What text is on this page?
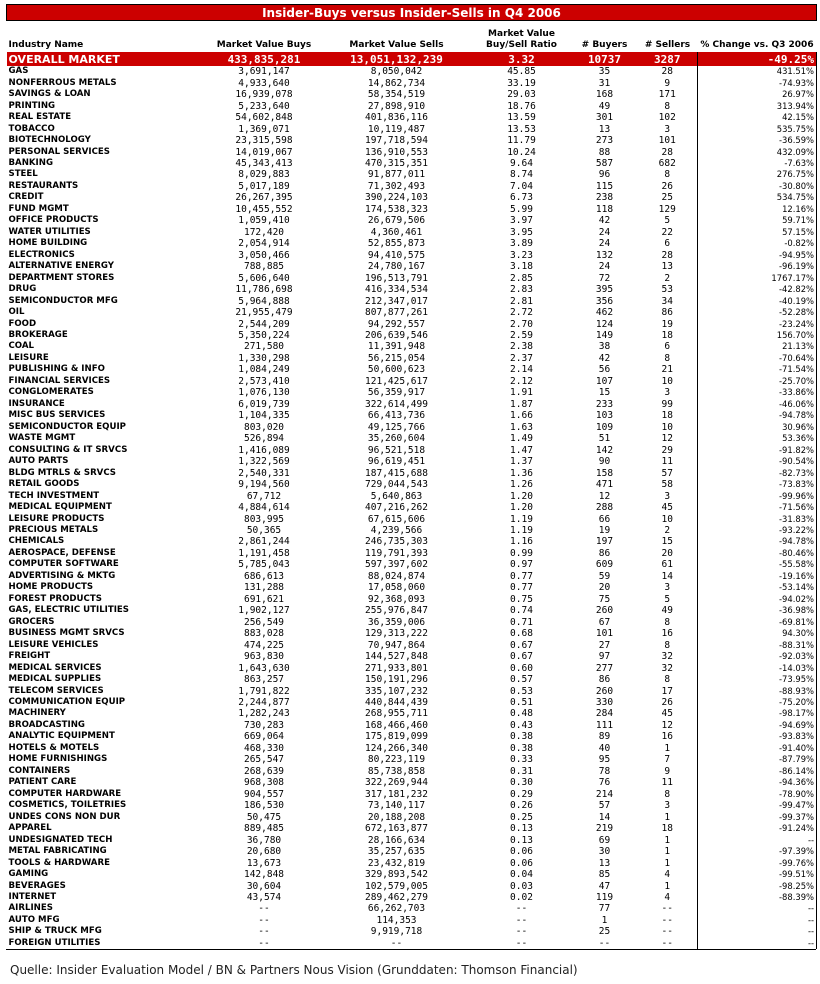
Insider-Buys versus Insider-Sells in Q4 2006						
Industry Name	Market Value Buys	Market Value Sells	Market Value Buy/Sell Ratio	# Buyers	# Sellers	% Change vs. Q3 2006
OVERALL MARKET	433,835,281	13,051,132,239	3.32	10737	3287	-49.25%
GAS	3,691,147	8,050,042	45.85	35	28	431.51%
NONFERROUS METALS	4,933,640	14,862,734	33.19	31	9	-74.93%
SAVINGS & LOAN	16,939,078	58,354,519	29.03	168	171	26.97%
PRINTING	5,233,640	27,898,910	18.76	49	8	313.94%
REAL ESTATE	54,602,848	401,836,116	13.59	301	102	42.15%
TOBACCO	1,369,071	10,119,487	13.53	13	3	535.75%
BIOTECHNOLOGY	23,315,598	197,718,594	11.79	273	101	-36.59%
PERSONAL SERVICES	14,019,067	136,910,553	10.24	88	28	432.09%
BANKING	45,343,413	470,315,351	9.64	587	682	-7.63%
STEEL	8,029,883	91,877,011	8.74	96	8	276.75%
RESTAURANTS	5,017,189	71,302,493	7.04	115	26	-30.80%
CREDIT	26,267,395	390,224,103	6.73	238	25	534.75%
FUND MGMT	10,455,552	174,538,323	5.99	118	129	12.16%
OFFICE PRODUCTS	1,059,410	26,679,506	3.97	42	5	59.71%
WATER UTILITIES	172,420	4,360,461	3.95	24	22	57.15%
HOME BUILDING	2,054,914	52,855,873	3.89	24	6	-0.82%
ELECTRONICS	3,050,466	94,410,575	3.23	132	28	-94.95%
ALTERNATIVE ENERGY	788,885	24,780,167	3.18	24	13	-96.19%
DEPARTMENT STORES	5,606,640	196,513,791	2.85	72	2	1767.17%
DRUG	11,786,698	416,334,534	2.83	395	53	-42.82%
SEMICONDUCTOR MFG	5,964,888	212,347,017	2.81	356	34	-40.19%
OIL	21,955,479	807,877,261	2.72	462	86	-52.28%
FOOD	2,544,209	94,292,557	2.70	124	19	-23.24%
BROKERAGE	5,350,224	206,639,546	2.59	149	18	156.70%
COAL	271,580	11,391,948	2.38	38	6	21.13%
LEISURE	1,330,298	56,215,054	2.37	42	8	-70.64%
PUBLISHING & INFO	1,084,249	50,600,623	2.14	56	21	-71.54%
FINANCIAL SERVICES	2,573,410	121,425,617	2.12	107	10	-25.70%
CONGLOMERATES	1,076,130	56,359,917	1.91	15	3	-33.86%
INSURANCE	6,019,739	322,614,499	1.87	233	99	-46.06%
MISC BUS SERVICES	1,104,335	66,413,736	1.66	103	18	-94.78%
SEMICONDUCTOR EQUIP	803,020	49,125,766	1.63	109	10	30.96%
WASTE MGMT	526,894	35,260,604	1.49	51	12	53.36%
CONSULTING & IT SRVCS	1,416,089	96,521,518	1.47	142	29	-91.82%
AUTO PARTS	1,322,569	96,619,451	1.37	90	11	-90.54%
BLDG MTRLS & SRVCS	2,540,331	187,415,688	1.36	158	57	-82.73%
RETAIL GOODS	9,194,560	729,044,543	1.26	471	58	-73.83%
TECH INVESTMENT	67,712	5,640,863	1.20	12	3	-99.96%
MEDICAL EQUIPMENT	4,884,614	407,216,262	1.20	288	45	-71.56%
LEISURE PRODUCTS	803,995	67,615,606	1.19	66	10	-31.83%
PRECIOUS METALS	50,365	4,239,566	1.19	19	2	-93.22%
CHEMICALS	2,861,244	246,735,303	1.16	197	15	-94.78%
AEROSPACE, DEFENSE	1,191,458	119,791,393	0.99	86	20	-80.46%
COMPUTER SOFTWARE	5,785,043	597,397,602	0.97	609	61	-55.58%
ADVERTISING & MKTG	686,613	88,024,874	0.77	59	14	-19.16%
HOME PRODUCTS	131,288	17,058,060	0.77	20	3	-53.14%
FOREST PRODUCTS	691,621	92,368,093	0.75	75	5	-94.02%
GAS, ELECTRIC UTILITIES	1,902,127	255,976,847	0.74	260	49	-36.98%
GROCERS	256,549	36,359,006	0.71	67	8	-69.81%
BUSINESS MGMT SRVCS	883,028	129,313,222	0.68	101	16	94.30%
LEISURE VEHICLES	474,225	70,947,864	0.67	27	8	-88.31%
FREIGHT	963,830	144,527,848	0.67	97	32	-92.03%
MEDICAL SERVICES	1,643,630	271,933,801	0.60	277	32	-14.03%
MEDICAL SUPPLIES	863,257	150,191,296	0.57	86	8	-73.95%
TELECOM SERVICES	1,791,822	335,107,232	0.53	260	17	-88.93%
COMMUNICATION EQUIP	2,244,877	440,844,439	0.51	330	26	-75.20%
MACHINERY	1,282,243	268,955,711	0.48	284	45	-98.17%
BROADCASTING	730,283	168,466,460	0.43	111	12	-94.69%
ANALYTIC EQUIPMENT	669,064	175,819,099	0.38	89	16	-93.83%
HOTELS & MOTELS	468,330	124,266,340	0.38	40	1	-91.40%
HOME FURNISHINGS	265,547	80,223,119	0.33	95	7	-87.79%
CONTAINERS	268,639	85,738,858	0.31	78	9	-86.14%
PATIENT CARE	968,308	322,269,944	0.30	76	11	-94.36%
COMPUTER HARDWARE	904,557	317,181,232	0.29	214	8	-78.90%
COSMETICS, TOILETRIES	186,530	73,140,117	0.26	57	3	-99.47%
UNDES CONS NON DUR	50,475	20,188,208	0.25	14	1	-99.37%
APPAREL	889,485	672,163,877	0.13	219	18	-91.24%
UNDESIGNATED TECH	36,780	28,166,634	0.13	69	1	--
METAL FABRICATING	20,680	35,257,635	0.06	30	1	-97.39%
TOOLS & HARDWARE	13,673	23,432,819	0.06	13	1	-99.76%
GAMING	142,848	329,893,542	0.04	85	4	-99.51%
BEVERAGES	30,604	102,579,005	0.03	47	1	-98.25%
INTERNET	43,574	289,462,279	0.02	119	4	-88.39%
AIRLINES	--	66,262,703	--	77	--	--
AUTO MFG	--	114,353	--	1	--	--
SHIP & TRUCK MFG	--	9,919,718	--	25	--	--
FOREIGN UTILITIES	--	--	--	--	--	--
Quelle: Insider Evaluation Model / BN & Partners Nous Vision (Grunddaten: Thomson Financial)
